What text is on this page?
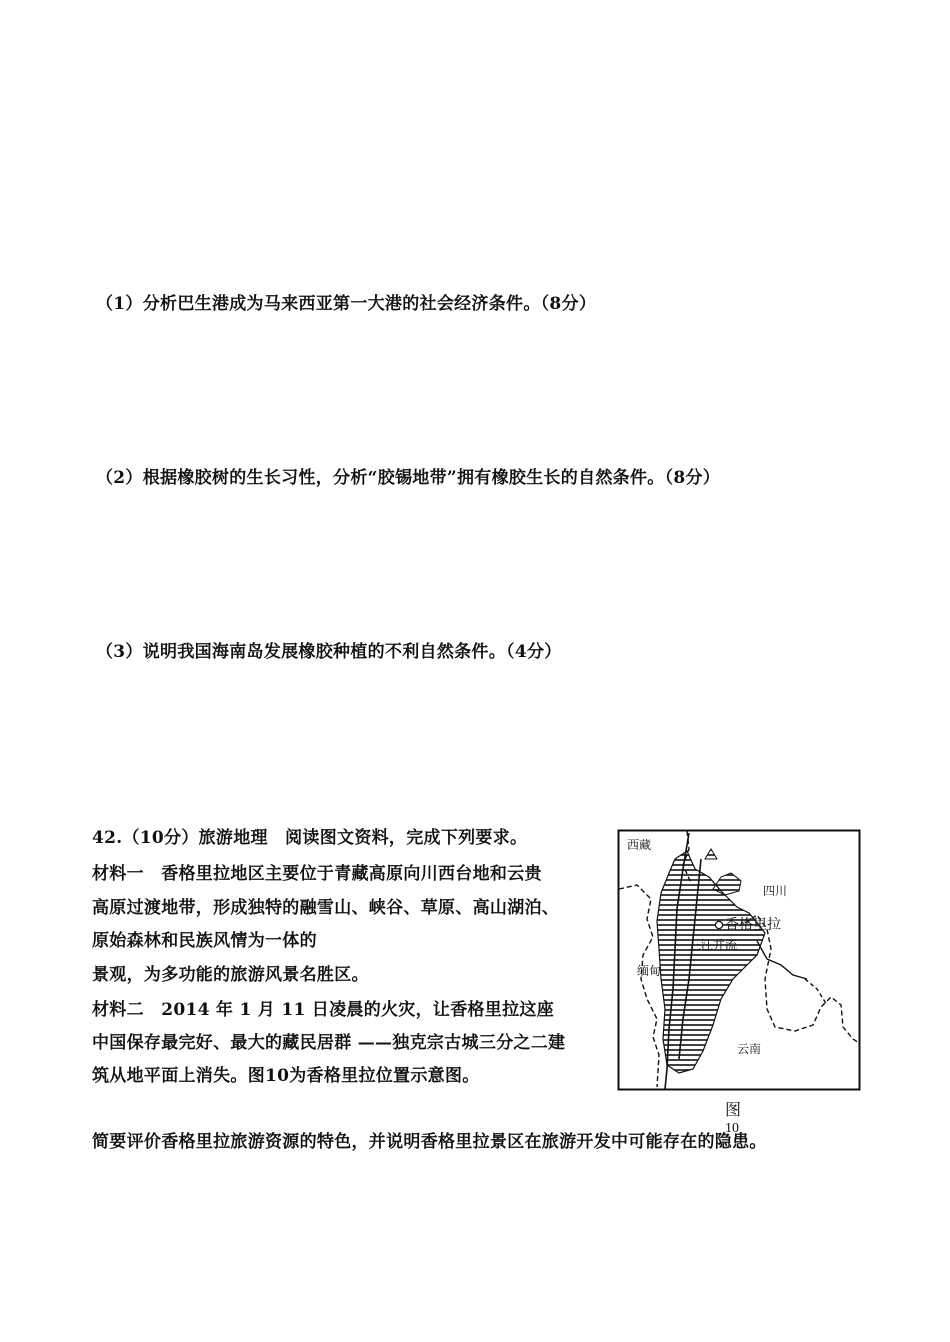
（1）分析巴生港成为马来西亚第一大港的社会经济条件。（8分）
（2）根据橡胶树的生长习性，分析“胶锡地带”拥有橡胶生长的自然条件。（8分）
（3）说明我国海南岛发展橡胶种植的不利自然条件。（4分）
42.（10分）旅游地理　阅读图文资料，完成下列要求。
材料一　香格里拉地区主要位于青藏高原向川西台地和云贵
高原过渡地带，形成独特的融雪山、峡谷、草原、高山湖泊、
原始森林和民族风情为一体的
景观，为多功能的旅游风景名胜区。
材料二　2014 年 1 月 11 日凌晨的火灾，让香格里拉这座
中国保存最完好、最大的藏民居群 ——独克宗古城三分之二建
筑从地平面上消失。图10为香格里拉位置示意图。
简要评价香格里拉旅游资源的特色，并说明香格里拉景区在旅游开发中可能存在的隐患。
西藏
四川
香格里拉
三江 并流
缅甸
云南
图
10
